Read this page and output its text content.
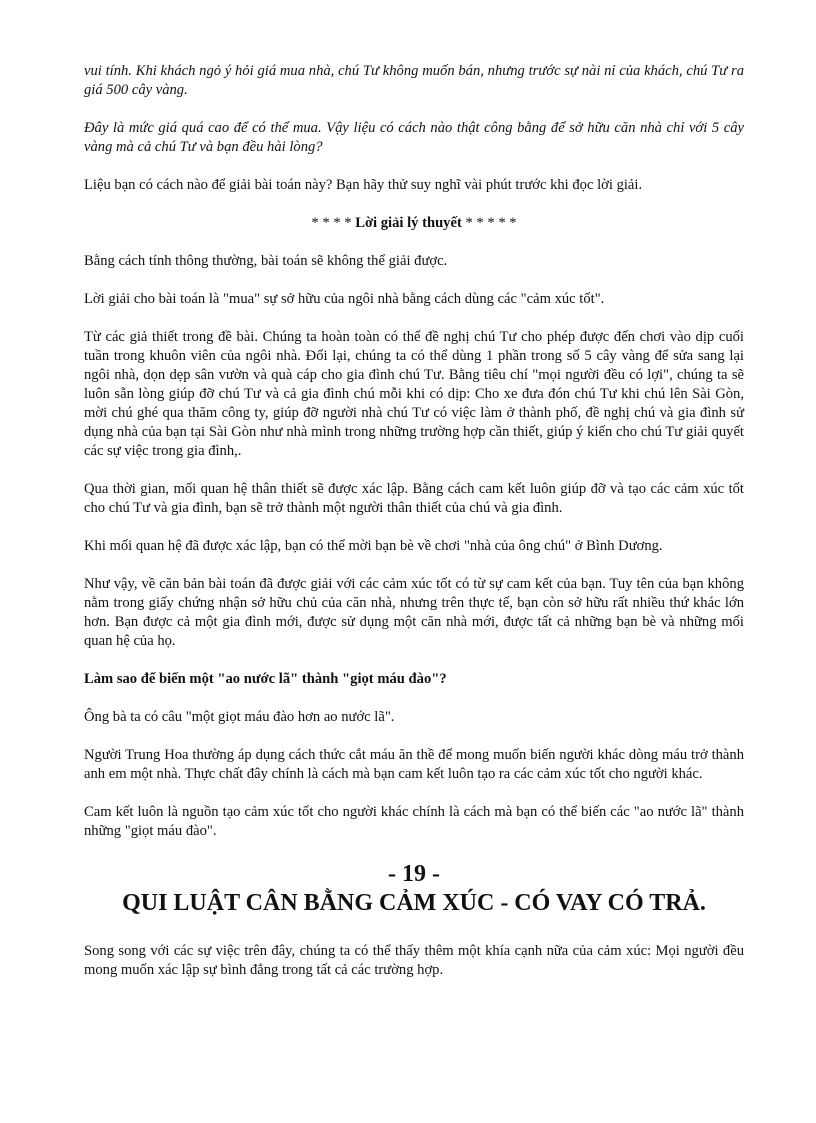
vui tính. Khi khách ngỏ ý hỏi giá mua nhà, chú Tư không muốn bán, nhưng trước sự nài nỉ của khách, chú Tư ra giá 500 cây vàng.

Đây là mức giá quá cao để có thể mua. Vậy liệu có cách nào thật công bằng để sở hữu căn nhà chỉ với 5 cây vàng mà cả chú Tư và bạn đều hài lòng?

Liệu bạn có cách nào để giải bài toán này? Bạn hãy thử suy nghĩ vài phút trước khi đọc lời giải.

* * * * Lời giải lý thuyết * * * * *

Bằng cách tính thông thường, bài toán sẽ không thể giải được.

Lời giải cho bài toán là "mua" sự sở hữu của ngôi nhà bằng cách dùng các "cảm xúc tốt".

Từ các giả thiết trong đề bài. Chúng ta hoàn toàn có thể đề nghị chú Tư cho phép được đến chơi vào dịp cuối tuần trong khuôn viên của ngôi nhà. Đổi lại, chúng ta có thể dùng 1 phần trong số 5 cây vàng để sửa sang lại ngôi nhà, dọn dẹp sân vườn và quà cáp cho gia đình chú Tư. Bằng tiêu chí "mọi người đều có lợi", chúng ta sẽ luôn sẵn lòng giúp đỡ chú Tư và cả gia đình chú mỗi khi có dịp: Cho xe đưa đón chú Tư khi chú lên Sài Gòn, mời chú ghé qua thăm công ty, giúp đỡ người nhà chú Tư có việc làm ở thành phố, đề nghị chú và gia đình sử dụng nhà của bạn tại Sài Gòn như nhà mình trong những trường hợp cần thiết, giúp ý kiến cho chú Tư giải quyết các sự việc trong gia đình,.

Qua thời gian, mối quan hệ thân thiết sẽ được xác lập. Bằng cách cam kết luôn giúp đỡ và tạo các cảm xúc tốt cho chú Tư và gia đình, bạn sẽ trở thành một người thân thiết của chú và gia đình.

Khi mối quan hệ đã được xác lập, bạn có thể mời bạn bè về chơi "nhà của ông chú" ở Bình Dương.

Như vậy, về căn bản bài toán đã được giải với các cảm xúc tốt có từ sự cam kết của bạn. Tuy tên của bạn không nằm trong giấy chứng nhận sở hữu chủ của căn nhà, nhưng trên thực tế, bạn còn sở hữu rất nhiều thứ khác lớn hơn. Bạn được cả một gia đình mới, được sử dụng một căn nhà mới, được tất cả những bạn bè và những mối quan hệ của họ.

Làm sao để biến một "ao nước lã" thành "giọt máu đào"?

Ông bà ta có câu "một giọt máu đào hơn ao nước lã".

Người Trung Hoa thường áp dụng cách thức cắt máu ăn thề để mong muốn biến người khác dòng máu trở thành anh em một nhà. Thực chất đây chính là cách mà bạn cam kết luôn tạo ra các cảm xúc tốt cho người khác.

Cam kết luôn là nguồn tạo cảm xúc tốt cho người khác chính là cách mà bạn có thể biến các "ao nước lã" thành những "giọt máu đào".

- 19 -
QUI LUẬT CÂN BẰNG CẢM XÚC - CÓ VAY CÓ TRẢ.

Song song với các sự việc trên đây, chúng ta có thể thấy thêm một khía cạnh nữa của cảm xúc: Mọi người đều mong muốn xác lập sự bình đẳng trong tất cả các trường hợp.
